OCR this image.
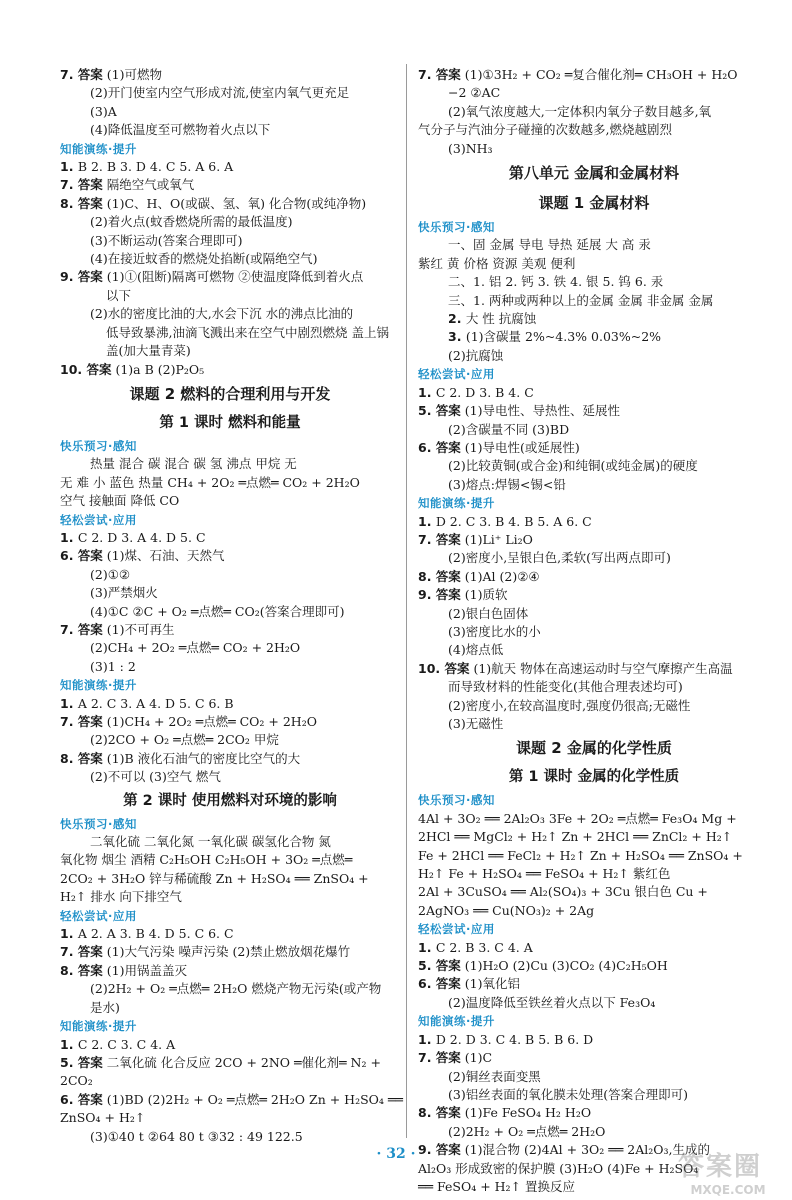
7. 答案 (1)可燃物
(2)开门使室内空气形成对流,使室内氧气更充足
(3)A
(4)降低温度至可燃物着火点以下
知能演练·提升
1. B 2. B 3. D 4. C 5. A 6. A
7. 答案 隔绝空气或氧气
8. 答案 (1)C、H、O(或碳、氢、氧) 化合物(或纯净物)
(2)着火点(蚊香燃烧所需的最低温度)
(3)不断运动(答案合理即可)
(4)在接近蚊香的燃烧处掐断(或隔绝空气)
9. 答案 (1)①(阻断)隔离可燃物 ②使温度降低到着火点
以下
(2)水的密度比油的大,水会下沉 水的沸点比油的
低导致暴沸,油滴飞溅出来在空气中剧烈燃烧 盖上锅
盖(加大量青菜)
10. 答案 (1)a B (2)P₂O₅
课题 2 燃料的合理利用与开发
第 1 课时 燃料和能量
快乐预习·感知
热量 混合 碳 混合 碳 氢 沸点 甲烷 无
无 难 小 蓝色 热量 CH₄ + 2O₂ ═点燃═ CO₂ + 2H₂O
空气 接触面 降低 CO
轻松尝试·应用
1. C 2. D 3. A 4. D 5. C
6. 答案 (1)煤、石油、天然气
(2)①②
(3)严禁烟火
(4)①C ②C + O₂ ═点燃═ CO₂(答案合理即可)
7. 答案 (1)不可再生
(2)CH₄ + 2O₂ ═点燃═ CO₂ + 2H₂O
(3)1 : 2
知能演练·提升
1. A 2. C 3. A 4. D 5. C 6. B
7. 答案 (1)CH₄ + 2O₂ ═点燃═ CO₂ + 2H₂O
(2)2CO + O₂ ═点燃═ 2CO₂ 甲烷
8. 答案 (1)B 液化石油气的密度比空气的大
(2)不可以 (3)空气 燃气
第 2 课时 使用燃料对环境的影响
快乐预习·感知
二氧化硫 二氧化氮 一氧化碳 碳氢化合物 氮
氧化物 烟尘 酒精 C₂H₅OH C₂H₅OH + 3O₂ ═点燃═
2CO₂ + 3H₂O 锌与稀硫酸 Zn + H₂SO₄ ══ ZnSO₄ +
H₂↑ 排水 向下排空气
轻松尝试·应用
1. A 2. A 3. B 4. D 5. C 6. C
7. 答案 (1)大气污染 噪声污染 (2)禁止燃放烟花爆竹
8. 答案 (1)用锅盖盖灭
(2)2H₂ + O₂ ═点燃═ 2H₂O 燃烧产物无污染(或产物
是水)
知能演练·提升
1. C 2. C 3. C 4. A
5. 答案 二氧化硫 化合反应 2CO + 2NO ═催化剂═ N₂ +
2CO₂
6. 答案 (1)BD (2)2H₂ + O₂ ═点燃═ 2H₂O Zn + H₂SO₄ ══
ZnSO₄ + H₂↑
(3)①40 t ②64 80 t ③32 : 49 122.5
7. 答案 (1)①3H₂ + CO₂ ═复合催化剂═ CH₃OH + H₂O
−2 ②AC
(2)氧气浓度越大,一定体积内氧分子数目越多,氧
气分子与汽油分子碰撞的次数越多,燃烧越剧烈
(3)NH₃
第八单元 金属和金属材料
课题 1 金属材料
快乐预习·感知
一、固 金属 导电 导热 延展 大 高 汞
紫红 黄 价格 资源 美观 便利
二、1. 铝 2. 钙 3. 铁 4. 银 5. 钨 6. 汞
三、1. 两种或两种以上的金属 金属 非金属 金属
2. 大 性 抗腐蚀
3. (1)含碳量 2%~4.3% 0.03%~2%
(2)抗腐蚀
轻松尝试·应用
1. C 2. D 3. B 4. C
5. 答案 (1)导电性、导热性、延展性
(2)含碳量不同 (3)BD
6. 答案 (1)导电性(或延展性)
(2)比较黄铜(或合金)和纯铜(或纯金属)的硬度
(3)熔点:焊锡<锡<铅
知能演练·提升
1. D 2. C 3. B 4. B 5. A 6. C
7. 答案 (1)Li⁺ Li₂O
(2)密度小,呈银白色,柔软(写出两点即可)
8. 答案 (1)Al (2)②④
9. 答案 (1)质软
(2)银白色固体
(3)密度比水的小
(4)熔点低
10. 答案 (1)航天 物体在高速运动时与空气摩擦产生高温
而导致材料的性能变化(其他合理表述均可)
(2)密度小,在较高温度时,强度仍很高;无磁性
(3)无磁性
课题 2 金属的化学性质
第 1 课时 金属的化学性质
快乐预习·感知
4Al + 3O₂ ══ 2Al₂O₃ 3Fe + 2O₂ ═点燃═ Fe₃O₄ Mg +
2HCl ══ MgCl₂ + H₂↑ Zn + 2HCl ══ ZnCl₂ + H₂↑
Fe + 2HCl ══ FeCl₂ + H₂↑ Zn + H₂SO₄ ══ ZnSO₄ +
H₂↑ Fe + H₂SO₄ ══ FeSO₄ + H₂↑ 紫红色
2Al + 3CuSO₄ ══ Al₂(SO₄)₃ + 3Cu 银白色 Cu +
2AgNO₃ ══ Cu(NO₃)₂ + 2Ag
轻松尝试·应用
1. C 2. B 3. C 4. A
5. 答案 (1)H₂O (2)Cu (3)CO₂ (4)C₂H₅OH
6. 答案 (1)氧化铝
(2)温度降低至铁丝着火点以下 Fe₃O₄
知能演练·提升
1. D 2. D 3. C 4. B 5. B 6. D
7. 答案 (1)C
(2)铜丝表面变黑
(3)铝丝表面的氧化膜未处理(答案合理即可)
8. 答案 (1)Fe FeSO₄ H₂ H₂O
(2)2H₂ + O₂ ═点燃═ 2H₂O
9. 答案 (1)混合物 (2)4Al + 3O₂ ══ 2Al₂O₃,生成的
Al₂O₃ 形成致密的保护膜 (3)H₂O (4)Fe + H₂SO₄
══ FeSO₄ + H₂↑ 置换反应
· 32 ·	答案圈
MXQE.COM
